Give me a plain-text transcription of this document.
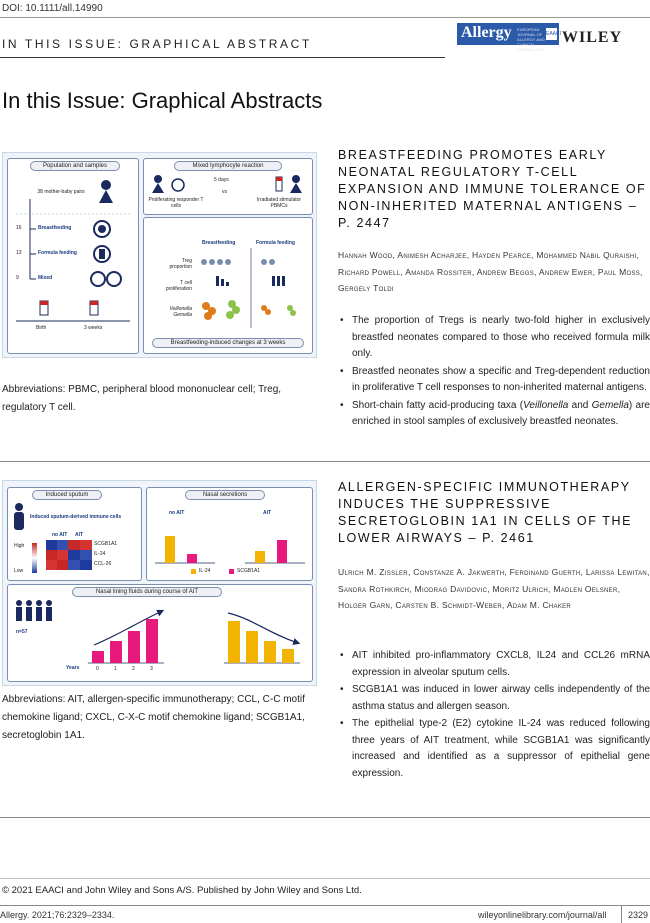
DOI: 10.1111/all.14990
IN THIS ISSUE: GRAPHICAL ABSTRACT
Allergy EUROPEAN JOURNAL OF ALLERGY AND CLINICAL IMMUNOLOGY
EAACI WILEY
In this Issue: Graphical Abstracts
Population and samples
38 mother-baby pairs
16	Breastfeeding
13	Formula feeding
9	Mixed
Birth	3 weeks
Mixed lymphocyte reaction
5 days
vs
Proliferating responder T cells
Irradiated stimulator PBMCs
Breastfeeding	Formula feeding
Treg proportion
T cell proliferation
Veillonella Gemella
Breastfeeding-induced changes at 3 weeks
Abbreviations: PBMC, peripheral blood mononuclear cell; Treg, regulatory T cell.
BREASTFEEDING PROMOTES EARLY NEONATAL REGULATORY T-CELL EXPANSION AND IMMUNE TOLERANCE OF NON-INHERITED MATERNAL ANTIGENS – P. 2447
Hannah Wood, Animesh Acharjee, Hayden Pearce, Mohammed Nabil Quraishi, Richard Powell, Amanda Rossiter, Andrew Beggs, Andrew Ewer, Paul Moss, Gergely Toldi
• The proportion of Tregs is nearly two-fold higher in exclusively breastfed neonates compared to those who received formula milk only.
• Breastfed neonates show a specific and Treg-dependent reduction in proliferative T cell responses to non-inherited maternal antigens.
• Short-chain fatty acid-producing taxa (Veillonella and Gemella) are enriched in stool samples of exclusively breastfed neonates.
Induced sputum
Induced sputum-derived immune cells
no AIT AIT
High
Low
SCGB1A1
IL-24
CCL-26
Nasal secretions
no AIT	AIT
IL-24	SCGB1A1
Nasal lining fluids during course of AIT
n=57
Years	0	1	2	3
Abbreviations: AIT, allergen-specific immunotherapy; CCL, C-C motif chemokine ligand; CXCL, C-X-C motif chemokine ligand; SCGB1A1, secretoglobin 1A1.
ALLERGEN-SPECIFIC IMMUNOTHERAPY INDUCES THE SUPPRESSIVE SECRETOGLOBIN 1A1 IN CELLS OF THE LOWER AIRWAYS – P. 2461
Ulrich M. Zissler, Constanze A. Jakwerth, Ferdinand Guerth, Larissa Lewitan, Sandra Rothkirch, Miodrag Davidovic, Moritz Ulrich, Madlen Oelsner, Holger Garn, Carsten B. Schmidt-Weber, Adam M. Chaker
• AIT inhibited pro-inflammatory CXCL8, IL24 and CCL26 mRNA expression in alveolar sputum cells.
• SCGB1A1 was induced in lower airway cells independently of the asthma status and allergen season.
• The epithelial type-2 (E2) cytokine IL-24 was reduced following three years of AIT treatment, while SCGB1A1 was significantly increased and identified as a suppressor of epithelial gene expression.
© 2021 EAACI and John Wiley and Sons A/S. Published by John Wiley and Sons Ltd.
Allergy. 2021;76:2329–2334.	wileyonlinelibrary.com/journal/all 2329
